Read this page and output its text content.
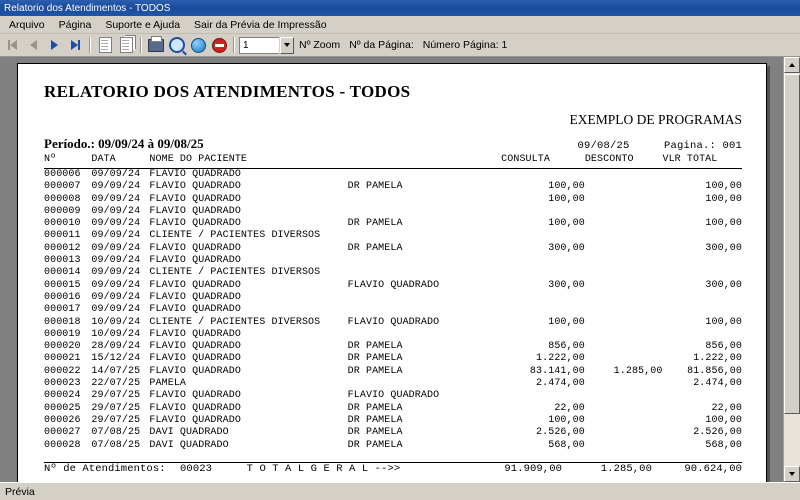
Relatorio dos Atendimentos - TODOS
Arquivo	Página	Suporte e Ajuda	Sair da Prévia de Impressão
1	Nº Zoom Nº da Página: Número Página: 1
RELATORIO DOS ATENDIMENTOS - TODOS
EXEMPLO DE PROGRAMAS
Período.: 09/09/24 à 09/08/25	09/08/25	Pagina.: 001
Nº	DATA	NOME DO PACIENTE		CONSULTA	DESCONTO	VLR TOTAL

000006	09/09/24	FLAVIO QUADRADO				
000007	09/09/24	FLAVIO QUADRADO	DR PAMELA	100,00		100,00
000008	09/09/24	FLAVIO QUADRADO		100,00		100,00
000009	09/09/24	FLAVIO QUADRADO				
000010	09/09/24	FLAVIO QUADRADO	DR PAMELA	100,00		100,00
000011	09/09/24	CLIENTE / PACIENTES DIVERSOS				
000012	09/09/24	FLAVIO QUADRADO	DR PAMELA	300,00		300,00
000013	09/09/24	FLAVIO QUADRADO				
000014	09/09/24	CLIENTE / PACIENTES DIVERSOS				
000015	09/09/24	FLAVIO QUADRADO	FLAVIO QUADRADO	300,00		300,00
000016	09/09/24	FLAVIO QUADRADO				
000017	09/09/24	FLAVIO QUADRADO				
000018	10/09/24	CLIENTE / PACIENTES DIVERSOS	FLAVIO QUADRADO	100,00		100,00
000019	10/09/24	FLAVIO QUADRADO				
000020	28/09/24	FLAVIO QUADRADO	DR PAMELA	856,00		856,00
000021	15/12/24	FLAVIO QUADRADO	DR PAMELA	1.222,00		1.222,00
000022	14/07/25	FLAVIO QUADRADO	DR PAMELA	83.141,00	1.285,00	81.856,00
000023	22/07/25	PAMELA		2.474,00		2.474,00
000024	29/07/25	FLAVIO QUADRADO	FLAVIO QUADRADO			
000025	29/07/25	FLAVIO QUADRADO	DR PAMELA	22,00		22,00
000026	29/07/25	FLAVIO QUADRADO	DR PAMELA	100,00		100,00
000027	07/08/25	DAVI QUADRADO	DR PAMELA	2.526,00		2.526,00
000028	07/08/25	DAVI QUADRADO	DR PAMELA	568,00		568,00
Nº de Atendimentos: 00023	T O T A L G E R A L -->>	91.909,00	1.285,00	90.624,00
Prévia
